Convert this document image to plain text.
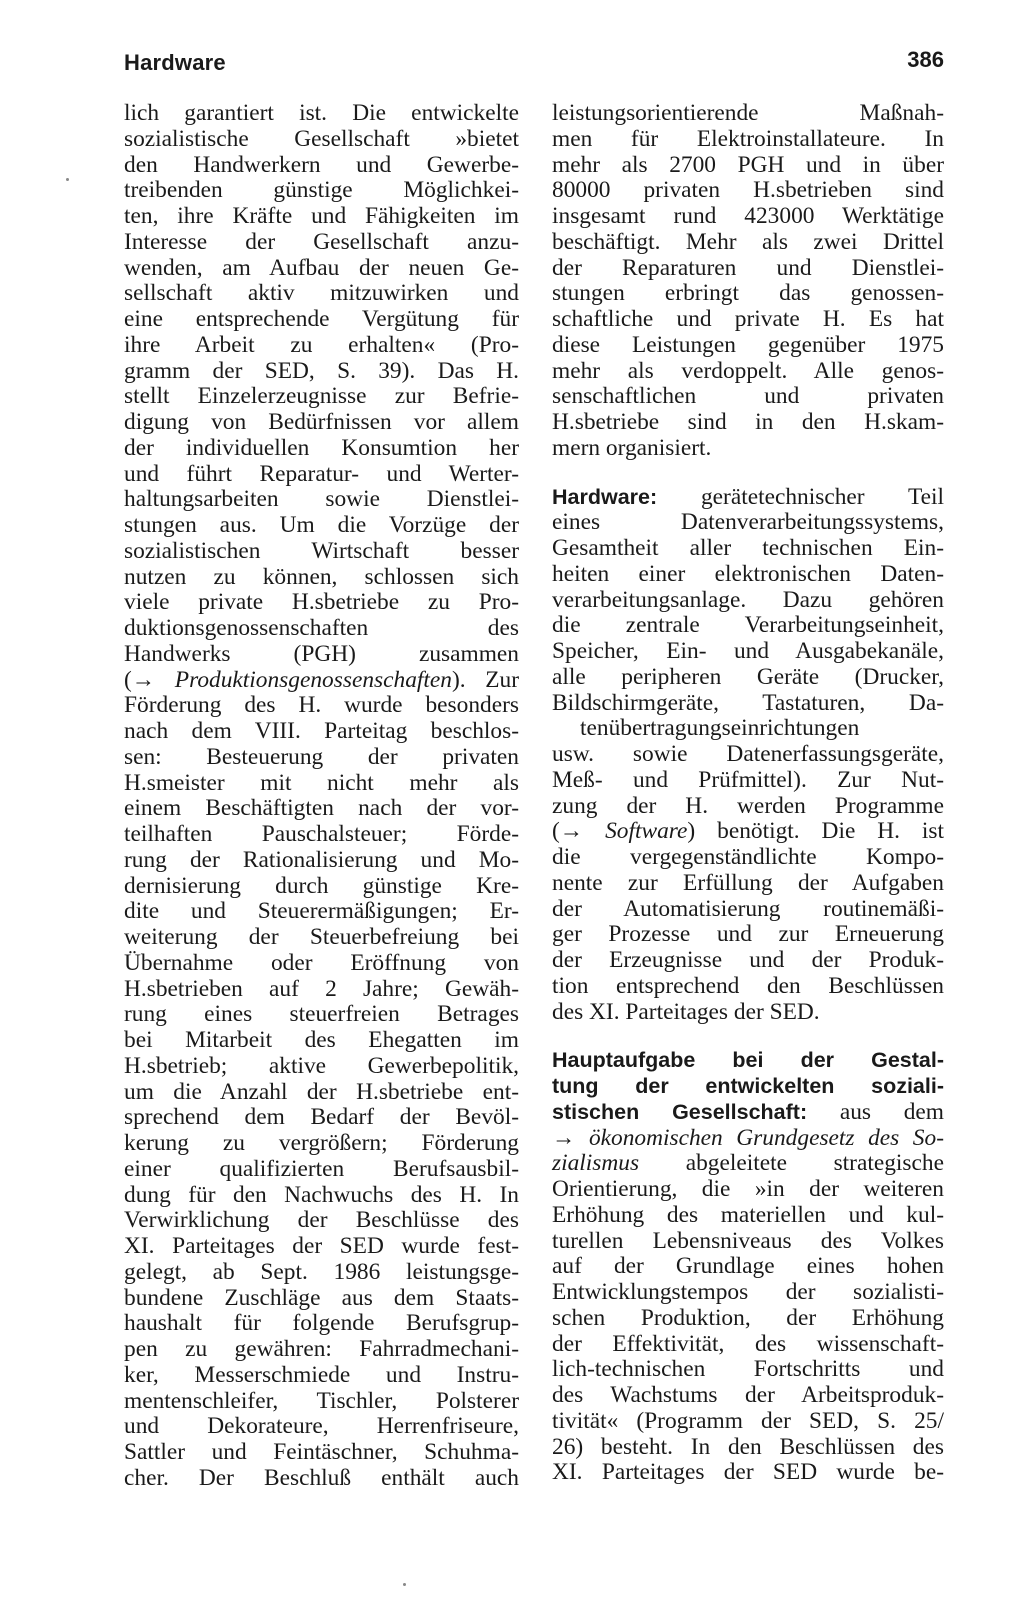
Hardware	386
lich garantiert ist. Die entwickelte
sozialistische Gesellschaft »bietet
den Handwerkern und Gewerbe-
treibenden günstige Möglichkei-
ten, ihre Kräfte und Fähigkeiten im
Interesse der Gesellschaft anzu-
wenden, am Aufbau der neuen Ge-
sellschaft aktiv mitzuwirken und
eine entsprechende Vergütung für
ihre Arbeit zu erhalten« (Pro-
gramm der SED, S. 39). Das H.
stellt Einzelerzeugnisse zur Befrie-
digung von Bedürfnissen vor allem
der individuellen Konsumtion her
und führt Reparatur- und Werter-
haltungsarbeiten sowie Dienstlei-
stungen aus. Um die Vorzüge der
sozialistischen Wirtschaft besser
nutzen zu können, schlossen sich
viele private H.sbetriebe zu Pro-
duktionsgenossenschaften des
Handwerks (PGH) zusammen
(→ Produktionsgenossenschaften). Zur
Förderung des H. wurde besonders
nach dem VIII. Parteitag beschlos-
sen: Besteuerung der privaten
H.smeister mit nicht mehr als
einem Beschäftigten nach der vor-
teilhaften Pauschalsteuer; Förde-
rung der Rationalisierung und Mo-
dernisierung durch günstige Kre-
dite und Steuerermäßigungen; Er-
weiterung der Steuerbefreiung bei
Übernahme oder Eröffnung von
H.sbetrieben auf 2 Jahre; Gewäh-
rung eines steuerfreien Betrages
bei Mitarbeit des Ehegatten im
H.sbetrieb; aktive Gewerbepolitik,
um die Anzahl der H.sbetriebe ent-
sprechend dem Bedarf der Bevöl-
kerung zu vergrößern; Förderung
einer qualifizierten Berufsausbil-
dung für den Nachwuchs des H. In
Verwirklichung der Beschlüsse des
XI. Parteitages der SED wurde fest-
gelegt, ab Sept. 1986 leistungsge-
bundene Zuschläge aus dem Staats-
haushalt für folgende Berufsgrup-
pen zu gewähren: Fahrradmechani-
ker, Messerschmiede und Instru-
mentenschleifer, Tischler, Polsterer
und Dekorateure, Herrenfriseure,
Sattler und Feintäschner, Schuhma-
cher. Der Beschluß enthält auch
leistungsorientierende Maßnah-
men für Elektroinstallateure. In
mehr als 2700 PGH und in über
80000 privaten H.sbetrieben sind
insgesamt rund 423000 Werktätige
beschäftigt. Mehr als zwei Drittel
der Reparaturen und Dienstlei-
stungen erbringt das genossen-
schaftliche und private H. Es hat
diese Leistungen gegenüber 1975
mehr als verdoppelt. Alle genos-
senschaftlichen und privaten
H.sbetriebe sind in den H.skam-
mern organisiert.
Hardware: gerätetechnischer Teil
eines Datenverarbeitungssystems,
Gesamtheit aller technischen Ein-
heiten einer elektronischen Daten-
verarbeitungsanlage. Dazu gehören
die zentrale Verarbeitungseinheit,
Speicher, Ein- und Ausgabekanäle,
alle peripheren Geräte (Drucker,
Bildschirmgeräte, Tastaturen, Da-
tenübertragungseinrichtungen
usw. sowie Datenerfassungsgeräte,
Meß- und Prüfmittel). Zur Nut-
zung der H. werden Programme
(→ Software) benötigt. Die H. ist
die vergegenständlichte Kompo-
nente zur Erfüllung der Aufgaben
der Automatisierung routinemäßi-
ger Prozesse und zur Erneuerung
der Erzeugnisse und der Produk-
tion entsprechend den Beschlüssen
des XI. Parteitages der SED.
Hauptaufgabe bei der Gestal-
tung der entwickelten soziali-
stischen Gesellschaft: aus dem
→ ökonomischen Grundgesetz des So-
zialismus abgeleitete strategische
Orientierung, die »in der weiteren
Erhöhung des materiellen und kul-
turellen Lebensniveaus des Volkes
auf der Grundlage eines hohen
Entwicklungstempos der sozialisti-
schen Produktion, der Erhöhung
der Effektivität, des wissenschaft-
lich-technischen Fortschritts und
des Wachstums der Arbeitsproduk-
tivität« (Programm der SED, S. 25/
26) besteht. In den Beschlüssen des
XI. Parteitages der SED wurde be-
